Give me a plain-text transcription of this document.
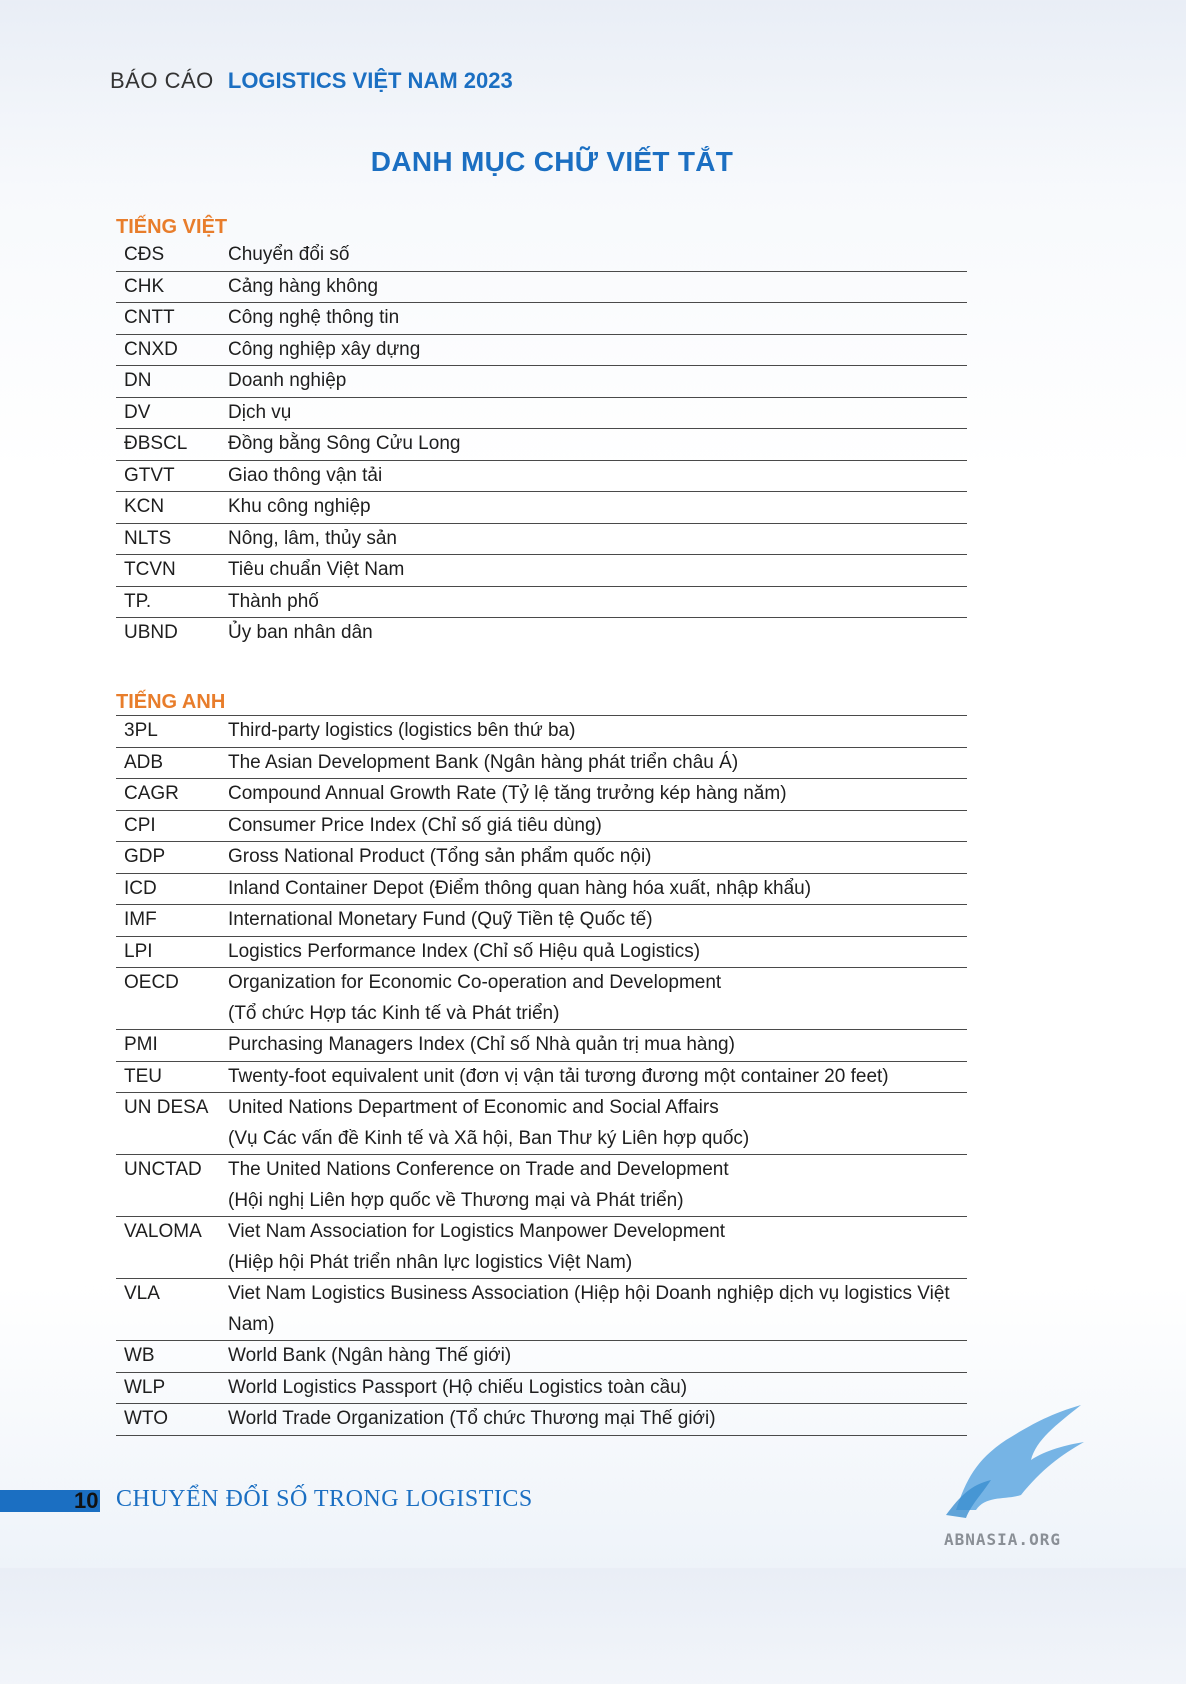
BÁO CÁO LOGISTICS VIỆT NAM 2023
DANH MỤC CHỮ VIẾT TẮT
TIẾNG VIỆT
CĐS	Chuyển đổi số
CHK	Cảng hàng không
CNTT	Công nghệ thông tin
CNXD	Công nghiệp xây dựng
DN	Doanh nghiệp
DV	Dịch vụ
ĐBSCL	Đồng bằng Sông Cửu Long
GTVT	Giao thông vận tải
KCN	Khu công nghiệp
NLTS	Nông, lâm, thủy sản
TCVN	Tiêu chuẩn Việt Nam
TP.	Thành phố
UBND	Ủy ban nhân dân
TIẾNG ANH
3PL	Third-party logistics (logistics bên thứ ba)
ADB	The Asian Development Bank (Ngân hàng phát triển châu Á)
CAGR	Compound Annual Growth Rate (Tỷ lệ tăng trưởng kép hàng năm)
CPI	Consumer Price Index (Chỉ số giá tiêu dùng)
GDP	Gross National Product (Tổng sản phẩm quốc nội)
ICD	Inland Container Depot (Điểm thông quan hàng hóa xuất, nhập khẩu)
IMF	International Monetary Fund (Quỹ Tiền tệ Quốc tế)
LPI	Logistics Performance Index (Chỉ số Hiệu quả Logistics)
OECD	Organization for Economic Co-operation and Development
(Tổ chức Hợp tác Kinh tế và Phát triển)
PMI	Purchasing Managers Index (Chỉ số Nhà quản trị mua hàng)
TEU	Twenty-foot equivalent unit (đơn vị vận tải tương đương một container 20 feet)
UN DESA	United Nations Department of Economic and Social Affairs
(Vụ Các vấn đề Kinh tế và Xã hội, Ban Thư ký Liên hợp quốc)
UNCTAD	The United Nations Conference on Trade and Development
(Hội nghị Liên hợp quốc về Thương mại và Phát triển)
VALOMA	Viet Nam Association for Logistics Manpower Development
(Hiệp hội Phát triển nhân lực logistics Việt Nam)
VLA	Viet Nam Logistics Business Association (Hiệp hội Doanh nghiệp dịch vụ logistics Việt Nam)
WB	World Bank (Ngân hàng Thế giới)
WLP	World Logistics Passport (Hộ chiếu Logistics toàn cầu)
WTO	World Trade Organization (Tổ chức Thương mại Thế giới)
10 CHUYỂN ĐỔI SỐ TRONG LOGISTICS
ABNASIA.ORG
